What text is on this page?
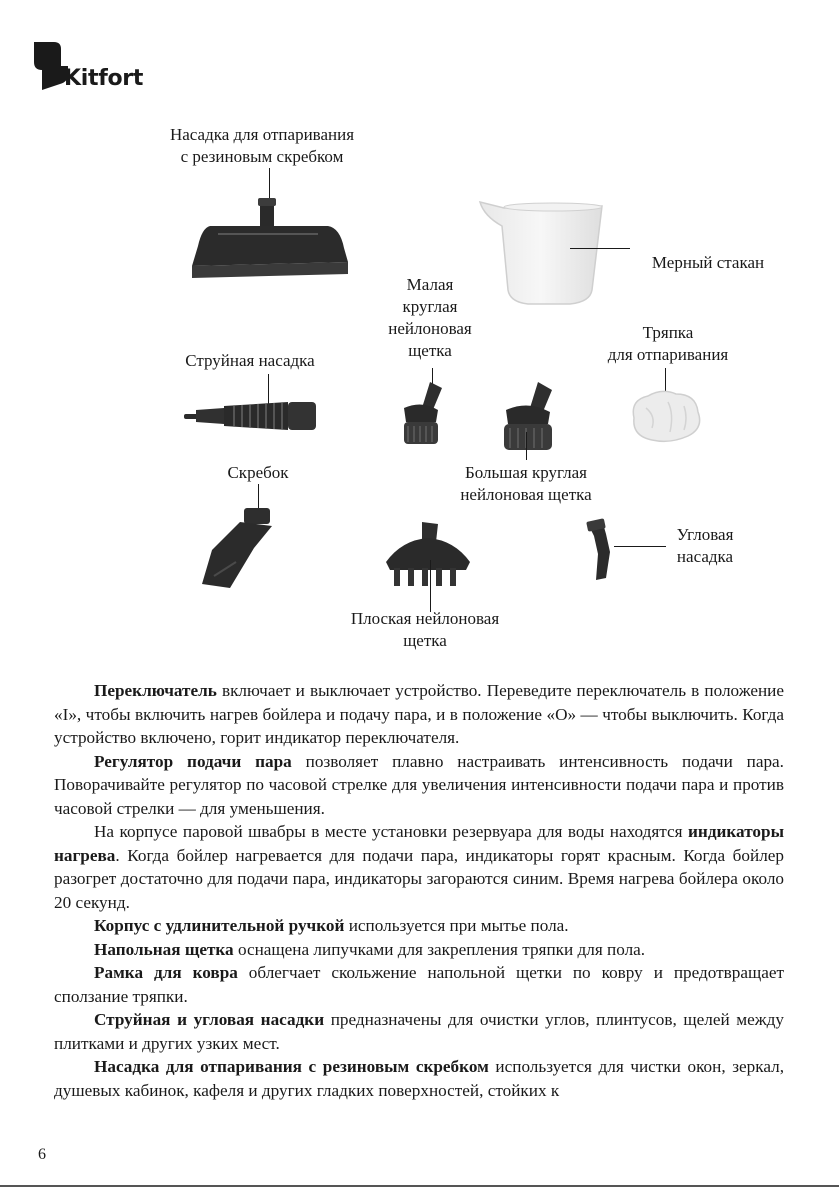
Kitfort
Насадка для отпаривания
с резиновым скребком
Мерный стакан
Малая
круглая
нейлоновая
щетка
Тряпка
для отпаривания
Струйная насадка
Скребок	Большая круглая
нейлоновая щетка
Плоская нейлоновая
щетка
Угловая
насадка

Переключатель включает и выключает устройство. Переведите переключатель в положение «I», чтобы включить нагрев бойлера и подачу пара, и в положение «O» — чтобы выключить. Когда устройство включено, горит индикатор переключателя.

Регулятор подачи пара позволяет плавно настраивать интенсивность подачи пара. Поворачивайте регулятор по часовой стрелке для увеличения интенсивности подачи пара и против часовой стрелки — для уменьшения.

На корпусе паровой швабры в месте установки резервуара для воды находятся индикаторы нагрева. Когда бойлер нагревается для подачи пара, индикаторы горят красным. Когда бойлер разогрет достаточно для подачи пара, индикаторы загораются синим. Время нагрева бойлера около 20 секунд.

Корпус с удлинительной ручкой используется при мытье пола.

Напольная щетка оснащена липучками для закрепления тряпки для пола.

Рамка для ковра облегчает скольжение напольной щетки по ковру и предотвращает сползание тряпки.

Струйная и угловая насадки предназначены для очистки углов, плинтусов, щелей между плитками и других узких мест.

Насадка для отпаривания с резиновым скребком используется для чистки окон, зеркал, душевых кабинок, кафеля и других гладких поверхностей, стойких к

6
